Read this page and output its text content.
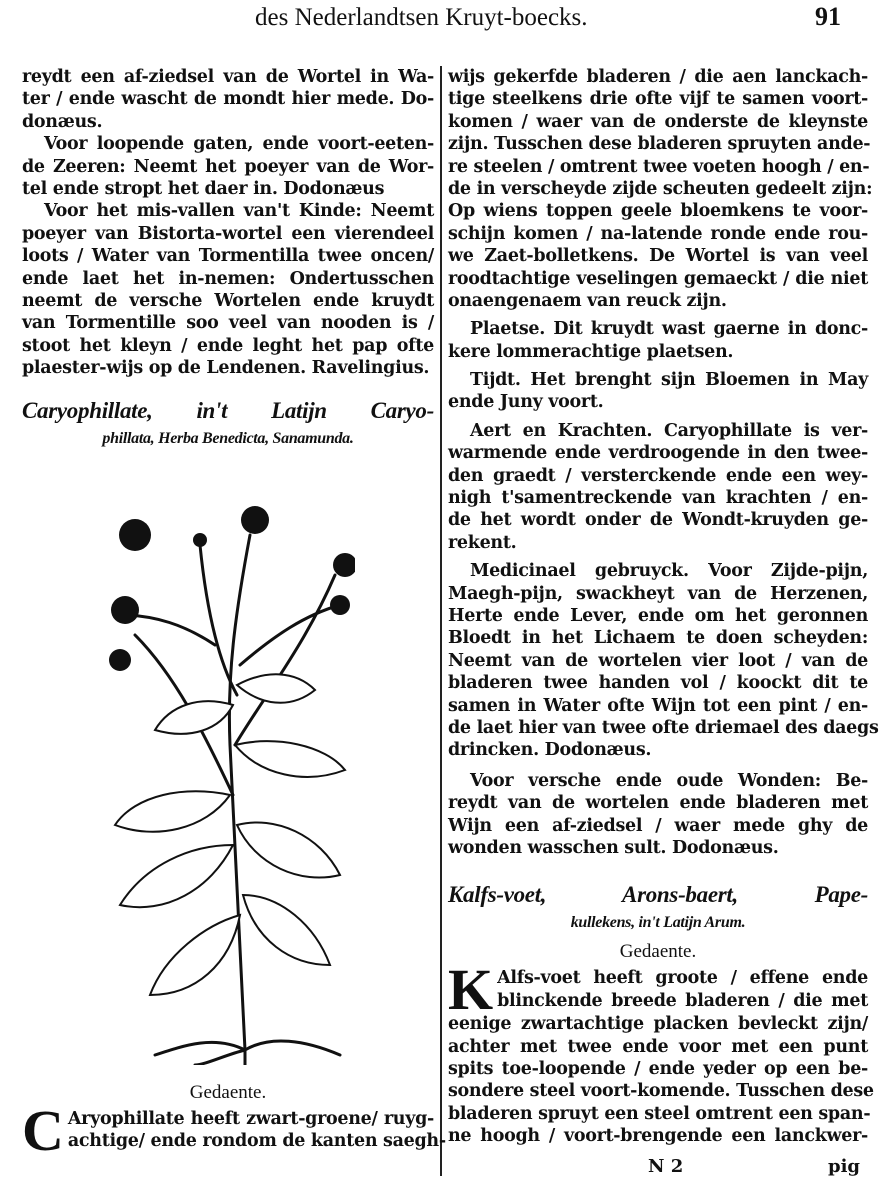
des Nederlandtsen Kruyt-boecks.	91
reydt een af-ziedsel van de Wortel in Wa-
ter / ende wascht de mondt hier mede. Do-
donæus.
Voor loopende gaten, ende voort-eeten-
de Zeeren: Neemt het poeyer van de Wor-
tel ende stropt het daer in. Dodonæus
Voor het mis-vallen van't Kinde: Neemt
poeyer van Bistorta-wortel een vierendeel
loots / Water van Tormentilla twee oncen/
ende laet het in-nemen: Ondertusschen
neemt de versche Wortelen ende kruydt
van Tormentille soo veel van nooden is /
stoot het kleyn / ende leght het pap ofte
plaester-wijs op de Lendenen. Ravelingius.
Caryophillate, in't Latijn Caryo-
phillata, Herba Benedicta, Sanamunda.
Gedaente.
C Aryophillate heeft zwart-groene/ ruyg-
achtige/ ende rondom de kanten saegh-
wijs gekerfde bladeren / die aen lanckach-
tige steelkens drie ofte vijf te samen voort-
komen / waer van de onderste de kleynste
zijn. Tusschen dese bladeren spruyten ande-
re steelen / omtrent twee voeten hoogh / en-
de in verscheyde zijde scheuten gedeelt zijn:
Op wiens toppen geele bloemkens te voor-
schijn komen / na-latende ronde ende rou-
we Zaet-bolletkens. De Wortel is van veel
roodtachtige veselingen gemaeckt / die niet
onaengenaem van reuck zijn.
Plaetse. Dit kruydt wast gaerne in donc-
kere lommerachtige plaetsen.
Tijdt. Het brenght sijn Bloemen in May
ende Juny voort.
Aert en Krachten. Caryophillate is ver-
warmende ende verdroogende in den twee-
den graedt / versterckende ende een wey-
nigh t'samentreckende van krachten / en-
de het wordt onder de Wondt-kruyden ge-
rekent.
Medicinael gebruyck. Voor Zijde-pijn,
Maegh-pijn, swackheyt van de Herzenen,
Herte ende Lever, ende om het geronnen
Bloedt in het Lichaem te doen scheyden:
Neemt van de wortelen vier loot / van de
bladeren twee handen vol / koockt dit te
samen in Water ofte Wijn tot een pint / en-
de laet hier van twee ofte driemael des daegs
drincken. Dodonæus.
Voor versche ende oude Wonden: Be-
reydt van de wortelen ende bladeren met
Wijn een af-ziedsel / waer mede ghy de
wonden wasschen sult. Dodonæus.
Kalfs-voet, Arons-baert, Pape-
kullekens, in't Latijn Arum.
Gedaente.
K Alfs-voet heeft groote / effene ende
blinckende breede bladeren / die met
eenige zwartachtige placken bevleckt zijn/
achter met twee ende voor met een punt
spits toe-loopende / ende yeder op een be-
sondere steel voort-komende. Tusschen dese
bladeren spruyt een steel omtrent een span-
ne hoogh / voort-brengende een lanckwer-
N 2	pig
